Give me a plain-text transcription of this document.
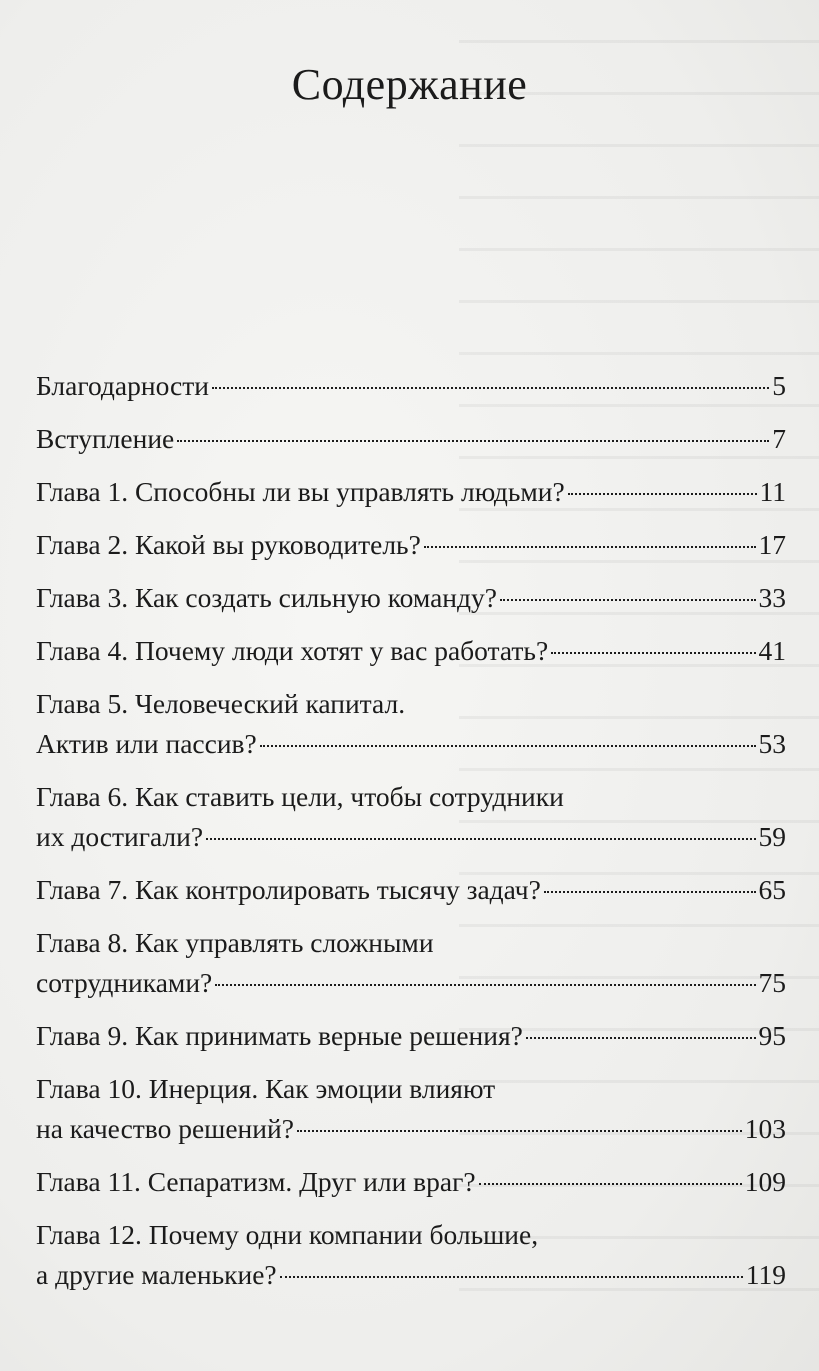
Содержание
Благодарности	5
Вступление	7
Глава 1. Способны ли вы управлять людьми?	11
Глава 2. Какой вы руководитель?	17
Глава 3. Как создать сильную команду?	33
Глава 4. Почему люди хотят у вас работать?	41
Глава 5. Человеческий капитал.
Актив или пассив?	53
Глава 6. Как ставить цели, чтобы сотрудники
их достигали?	59
Глава 7. Как контролировать тысячу задач?	65
Глава 8. Как управлять сложными
сотрудниками?	75
Глава 9. Как принимать верные решения?	95
Глава 10. Инерция. Как эмоции влияют
на качество решений?	103
Глава 11. Сепаратизм. Друг или враг?	109
Глава 12. Почему одни компании большие,
а другие маленькие?	119
